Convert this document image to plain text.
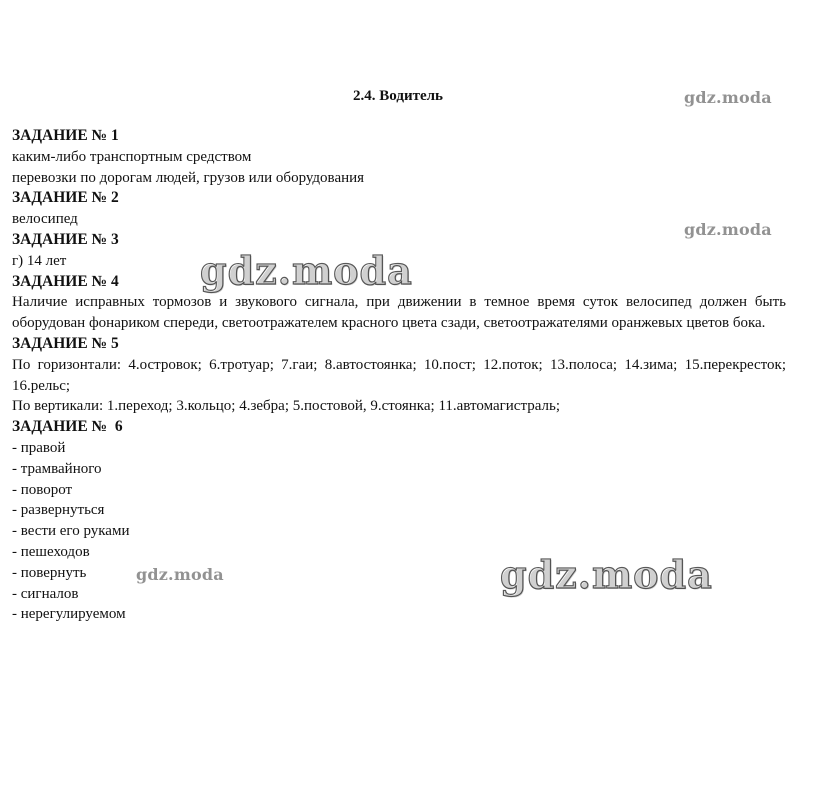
2.4. Водитель
ЗАДАНИЕ № 1
каким-либо транспортным средством
перевозки по дорогам людей, грузов или оборудования
ЗАДАНИЕ № 2
велосипед
ЗАДАНИЕ № 3
г) 14 лет
ЗАДАНИЕ № 4
Наличие исправных тормозов и звукового сигнала, при движении в темное время суток велосипед должен быть оборудован фонариком спереди, светоотражателем красного цвета сзади, светоотражателями оранжевых цветов бока.
ЗАДАНИЕ № 5
По горизонтали: 4.островок; 6.тротуар; 7.гаи; 8.автостоянка; 10.пост; 12.поток; 13.полоса; 14.зима; 15.перекресток; 16.рельс;
По вертикали: 1.переход; 3.кольцо; 4.зебра; 5.постовой, 9.стоянка; 11.автомагистраль;
ЗАДАНИЕ №  6
- правой
- трамвайного
- поворот
- развернуться
- вести его руками
- пешеходов
- повернуть
- сигналов
- нерегулируемом
gdz.moda
gdz.moda
gdz.moda
gdz.moda	gdz.moda
